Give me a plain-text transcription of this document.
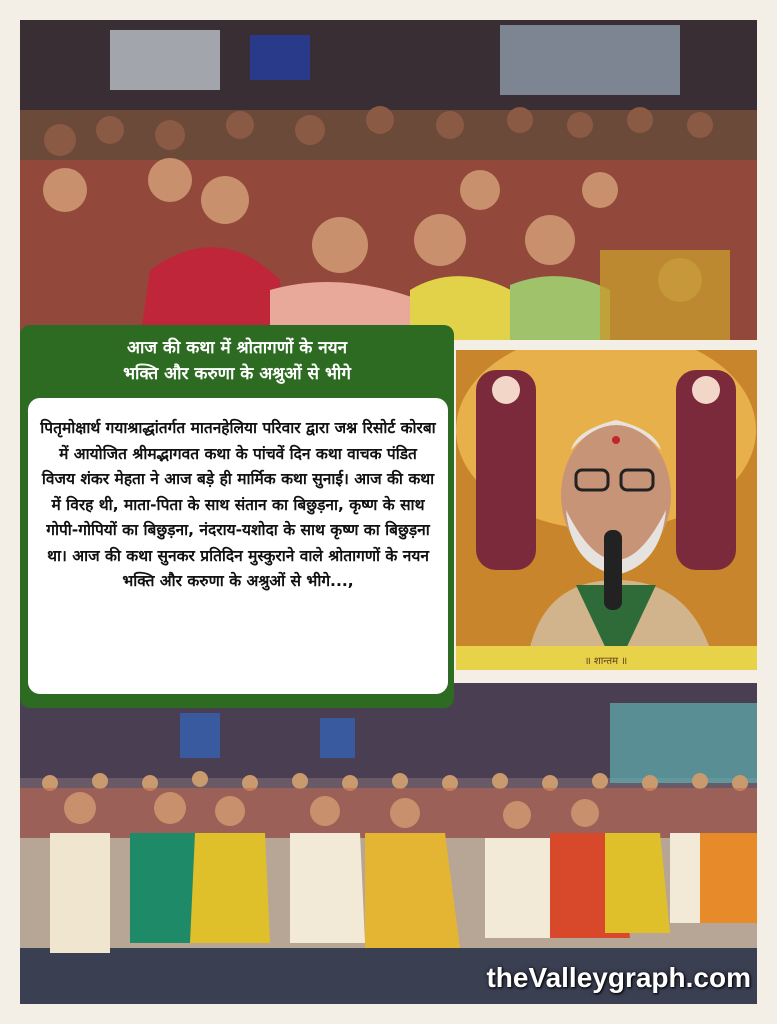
॥ शान्तम ॥
आज की कथा में श्रोतागणों के नयन
भक्ति और करुणा के अश्रुओं से भीगे
पितृमोक्षार्थ गयाश्राद्धांतर्गत मातनहेलिया परिवार द्वारा जश्न रिसोर्ट कोरबा में आयोजित श्रीमद्भागवत कथा के पांचवें दिन कथा वाचक पंडित विजय शंकर मेहता ने आज बड़े ही मार्मिक कथा सुनाई। आज की कथा में विरह थी, माता-पिता के साथ संतान का बिछुड़ना, कृष्ण के साथ गोपी-गोपियों का बिछुड़ना, नंदराय-यशोदा के साथ कृष्ण का बिछुड़ना था। आज की कथा सुनकर प्रतिदिन मुस्कुराने वाले श्रोतागणों के नयन भक्ति और करुणा के अश्रुओं से भीगे...,
theValleygraph.com
